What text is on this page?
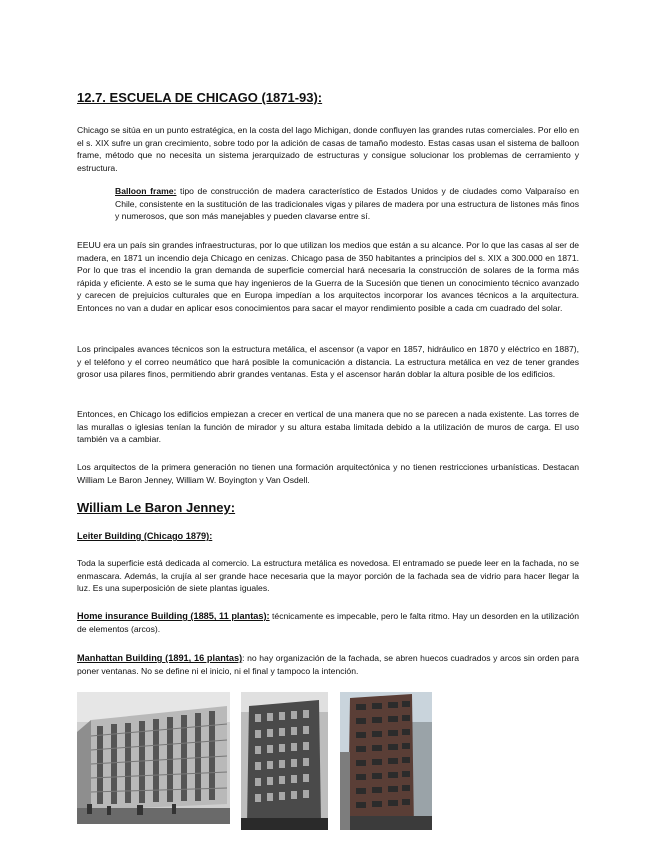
12.7. ESCUELA DE CHICAGO (1871-93):

Chicago se sitúa en un punto estratégica, en la costa del lago Michigan, donde confluyen las grandes rutas comerciales. Por ello en el s. XIX sufre un gran crecimiento, sobre todo por la adición de casas de tamaño modesto. Estas casas usan el sistema de balloon frame, método que no necesita un sistema jerarquizado de estructuras y consigue solucionar los problemas de cerramiento y estructura.

Balloon frame: tipo de construcción de madera característico de Estados Unidos y de ciudades como Valparaíso en Chile, consistente en la sustitución de las tradicionales vigas y pilares de madera por una estructura de listones más finos y numerosos, que son más manejables y pueden clavarse entre sí.

EEUU era un país sin grandes infraestructuras, por lo que utilizan los medios que están a su alcance. Por lo que las casas al ser de madera, en 1871 un incendio deja Chicago en cenizas. Chicago pasa de 350 habitantes a principios del s. XIX a 300.000 en 1871. Por lo que tras el incendio la gran demanda de superficie comercial hará necesaria la construcción de solares de la forma más rápida y eficiente. A esto se le suma que hay ingenieros de la Guerra de la Sucesión que tienen un conocimiento técnico avanzado y carecen de prejuicios culturales que en Europa impedían a los arquitectos incorporar los avances técnicos a la arquitectura. Entonces no van a dudar en aplicar esos conocimientos para sacar el mayor rendimiento posible a cada cm cuadrado del solar.

Los principales avances técnicos son la estructura metálica, el ascensor (a vapor en 1857, hidráulico en 1870 y eléctrico en 1887), y el teléfono y el correo neumático que hará posible la comunicación a distancia. La estructura metálica en vez de tener grandes grosor usa pilares finos, permitiendo abrir grandes ventanas. Esta y el ascensor harán doblar la altura posible de los edificios.

Entonces, en Chicago los edificios empiezan a crecer en vertical de una manera que no se parecen a nada existente. Las torres de las murallas o iglesias tenían la función de mirador y su altura estaba limitada debido a la utilización de muros de carga. El uso también va a cambiar.

Los arquitectos de la primera generación no tienen una formación arquitectónica y no tienen restricciones urbanísticas. Destacan William Le Baron Jenney, William W. Boyington y Van Osdell.

William Le Baron Jenney:

Leiter Building (Chicago 1879):

Toda la superficie está dedicada al comercio. La estructura metálica es novedosa. El entramado se puede leer en la fachada, no se enmascara. Además, la crujía al ser grande hace necesaria que la mayor porción de la fachada sea de vidrio para hacer llegar la luz. Es una superposición de siete plantas iguales.

Home insurance Building (1885, 11 plantas): técnicamente es impecable, pero le falta ritmo. Hay un desorden en la utilización de elementos (arcos).

Manhattan Building (1891, 16 plantas): no hay organización de la fachada, se abren huecos cuadrados y arcos sin orden para poner ventanas. No se define ni el inicio, ni el final y tampoco la intención.
